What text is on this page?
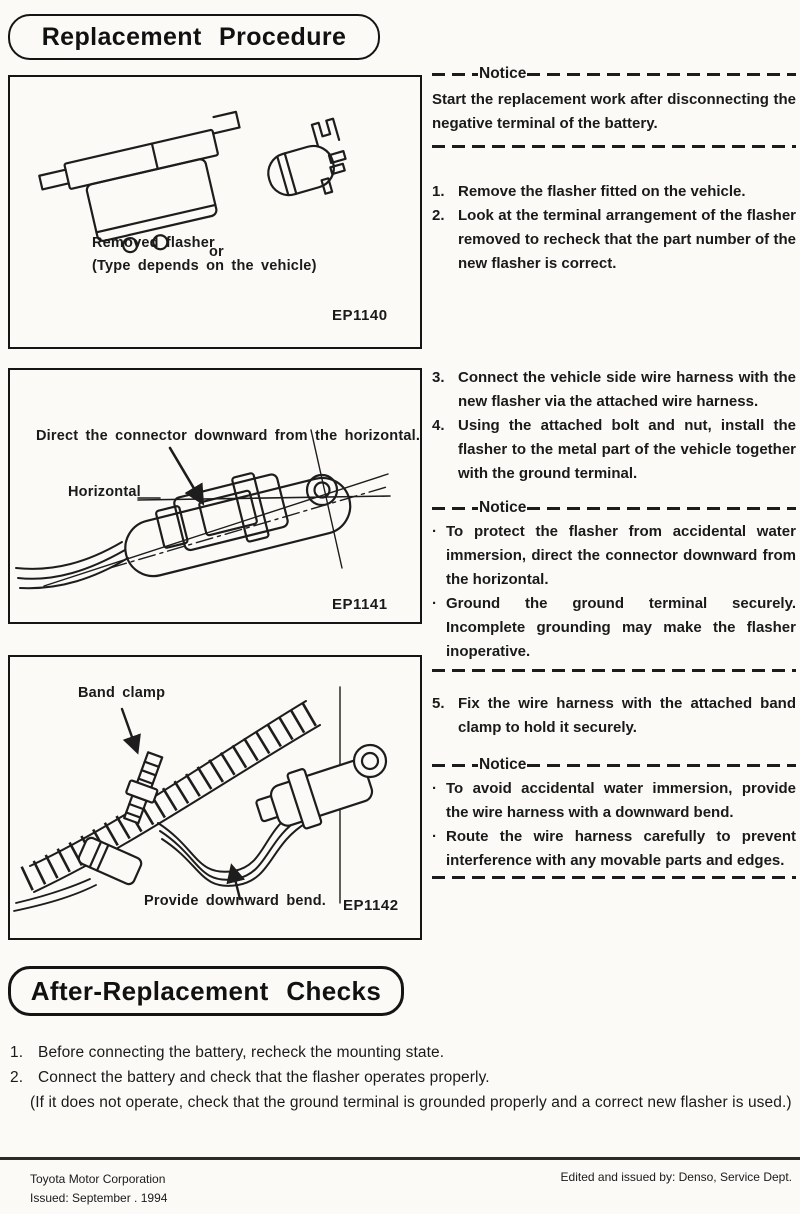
Replacement Procedure
or
Removed flasher
(Type depends on the vehicle)
EP1140
Direct the connector downward from the horizontal.
Horizontal
EP1141
Band clamp
Provide downward bend. EP1142
Notice
Start the replacement work after disconnecting the negative terminal of the battery.
1. Remove the flasher fitted on the vehicle.
2. Look at the terminal arrangement of the flasher removed to recheck that the part number of the new flasher is correct.
3. Connect the vehicle side wire harness with the new flasher via the attached wire harness.
4. Using the attached bolt and nut, install the flasher to the metal part of the vehicle together with the ground terminal.
Notice
· To protect the flasher from accidental water immersion, direct the connector downward from the horizontal.
· Ground the ground terminal securely. Incomplete grounding may make the flasher inoperative.
5. Fix the wire harness with the attached band clamp to hold it securely.
Notice
· To avoid accidental water immersion, provide the wire harness with a downward bend.
· Route the wire harness carefully to prevent interference with any movable parts and edges.
After-Replacement Checks
1. Before connecting the battery, recheck the mounting state.
2. Connect the battery and check that the flasher operates properly.
(If it does not operate, check that the ground terminal is grounded properly and a correct new flasher is used.)
Toyota Motor Corporation
Issued: September . 1994
Edited and issued by: Denso, Service Dept.
